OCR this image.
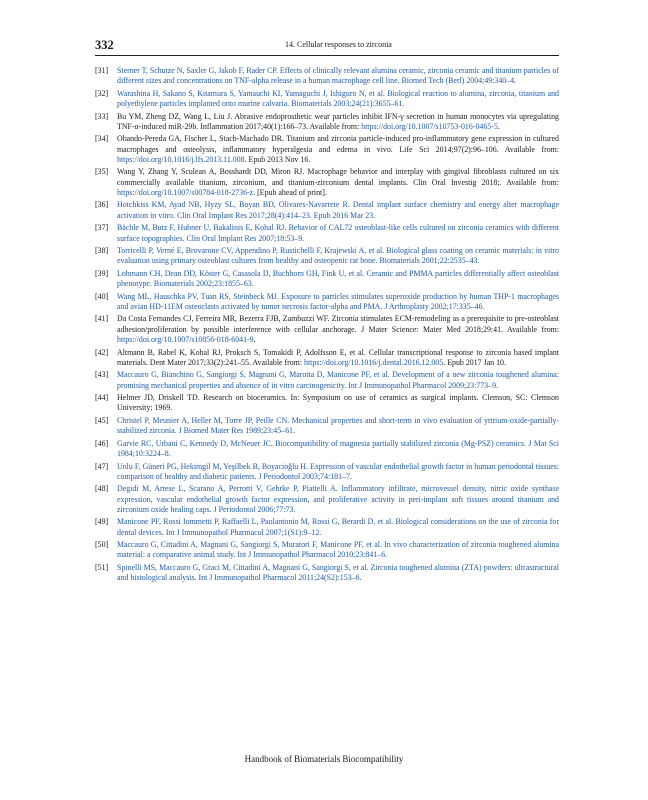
332	14. Cellular responses to zirconia
[31] Sterner T, Schutze N, Saxler G, Jakob F, Rader CP. Effects of clinically relevant alumina ceramic, zirconia ceramic and titanium particles of different sizes and concentrations on TNF-alpha release in a human macrophage cell line. Biomed Tech (Berl) 2004;49:340–4.
[32] Warashina H, Sakano S, Kitamura S, Yamauchi KI, Yamaguchi J, Ishiguro N, et al. Biological reaction to alumina, zirconia, titanium and polyethylene particles implanted onto murine calvaria. Biomaterials 2003;24(21):3655–61.
[33] Bu YM, Zheng DZ, Wang L, Liu J. Abrasive endoprosthetic wear particles inhibit IFN-γ secretion in human monocytes via upregulating TNF-α-induced miR-29b. Inflammation 2017;40(1):166–73. Available from: https://doi.org/10.1007/s10753-016-0465-5.
[34] Obando-Pereda GA, Fischer L, Stach-Machado DR. Titanium and zirconia particle-induced pro-inflammatory gene expression in cultured macrophages and osteolysis, inflammatory hyperalgesia and edema in vivo. Life Sci 2014;97(2):96–106. Available from: https://doi.org/10.1016/j.lfs.2013.11.008. Epub 2013 Nov 16.
[35] Wang Y, Zhang Y, Sculean A, Bosshardt DD, Miron RJ. Macrophage behavior and interplay with gingival fibroblasts cultured on six commercially available titanium, zirconium, and titanium-zirconium dental implants. Clin Oral Investig 2018;. Available from: https://doi.org/10.1007/s00784-018-2736-z. [Epub ahead of print].
[36] Hotchkiss KM, Ayad NB, Hyzy SL, Boyan BD, Olivares-Navarrete R. Dental implant surface chemistry and energy alter macrophage activation in vitro. Clin Oral Implant Res 2017;28(4):414–23. Epub 2016 Mar 23.
[37] Bächle M, Butz F, Hubner U, Bakalinis E, Kohal RJ. Behavior of CAL72 osteoblast-like cells cultured on zirconia ceramics with different surface topographies. Clin Oral Implant Res 2007;18:53–9.
[38] Torricelli P, Verné E, Brovarone CV, Appendino P, Rustichelli F, Krajewski A, et al. Biological glass coating on ceramic materials: in vitro evaluation using primary osteoblast cultures from healthy and osteopenic rat bone. Biomaterials 2001;22:2535–43.
[39] Lohmann CH, Dean DD, Köster G, Casasola D, Buchhorn GH, Fink U, et al. Ceramic and PMMA particles differentially affect osteoblast phenotype. Biomaterials 2002;23:1855–63.
[40] Wang ML, Hauschka PV, Tuan RS, Steinbeck MJ. Exposure to particles stimulates superoxide production by human THP-1 macrophages and avian HD-11EM osteoclasts activated by tumor necrosis factor-alpha and PMA. J Arthroplasty 2002;17:335–46.
[41] Da Costa Fernandes CJ, Ferreira MR, Bezerra FJB, Zambuzzi WF. Zirconia stimulates ECM-remodeling as a prerequisite to pre-osteoblast adhesion/proliferation by possible interference with cellular anchorage. J Mater Science: Mater Med 2018;29:41. Available from: https://doi.org/10.1007/s10856-018-6041-9.
[42] Altmann B, Rabel K, Kohal RJ, Proksch S, Tomakidi P, Adolfsson E, et al. Cellular transcriptional response to zirconia based implant materials. Dent Mater 2017;33(2):241–55. Available from: https://doi.org/10.1016/j.dental.2016.12.005. Epub 2017 Jan 10.
[43] Maccauro G, Bianchino G, Sangiorgi S, Magnani G, Marotta D, Manicone PF, et al. Development of a new zirconia toughened alumina: promising mechanical properties and absence of in vitro carcinogenicity. Int J Immunopathol Pharmacol 2009;23:773–9.
[44] Helmer JD, Driskell TD. Research on bioceramics. In: Symposium on use of ceramics as surgical implants. Clemson, SC: Clemson University; 1969.
[45] Christel P, Meunier A, Heller M, Torre JP, Peille CN. Mechanical properties and short-term in vivo evaluation of yttrium-oxide-partially-stabilized zirconia. J Biomed Mater Res 1989;23:45–61.
[46] Garvie RC, Urbani C, Kennedy D, McNeuer JC. Biocompatibility of magnesia partially stabilized zirconia (Mg-PSZ) ceramics. J Mat Sci 1984;10:3224–8.
[47] Unlu F, Güneri PG, Hekimgil M, Yeşilbek B, Boyacioğlu H. Expression of vascular endothelial growth factor in human periodontal tissues: comparison of healthy and diabetic patients. J Periodontol 2003;74:181–7.
[48] Degidi M, Artese L, Scarano A, Perrotti V, Gehrke P, Piattelli A. Inflammatory infiltrate, microvessel density, nitric oxide synthase expression, vascular endothelial growth factor expression, and proliferative activity in peri-implant soft tissues around titanium and zirconium oxide healing caps. J Periodontol 2006;77:73.
[49] Manicone PF, Rossi Iommetti P, Raffaelli L, Paolantonio M, Rossi G, Berardi D, et al. Biological considerations on the use of zirconia for dental devices. Int J Immunopathol Pharmacol 2007;1(S1):9–12.
[50] Maccauro G, Cittadini A, Magnani G, Sangiorgi S, Muratori F, Manicone PF, et al. In vivo characterization of zirconia toughened alumina material: a comparative animal study. Int J Immunopathol Pharmacol 2010;23:841–6.
[51] Spinelli MS, Maccauro G, Graci M, Cittadini A, Magnani G, Sangiorgi S, et al. Zirconia toughened alumina (ZTA) powders: ultrastructural and histological analysis. Int J Immunopathol Pharmacol 2011;24(S2):153–6.
Handbook of Biomaterials Biocompatibility
